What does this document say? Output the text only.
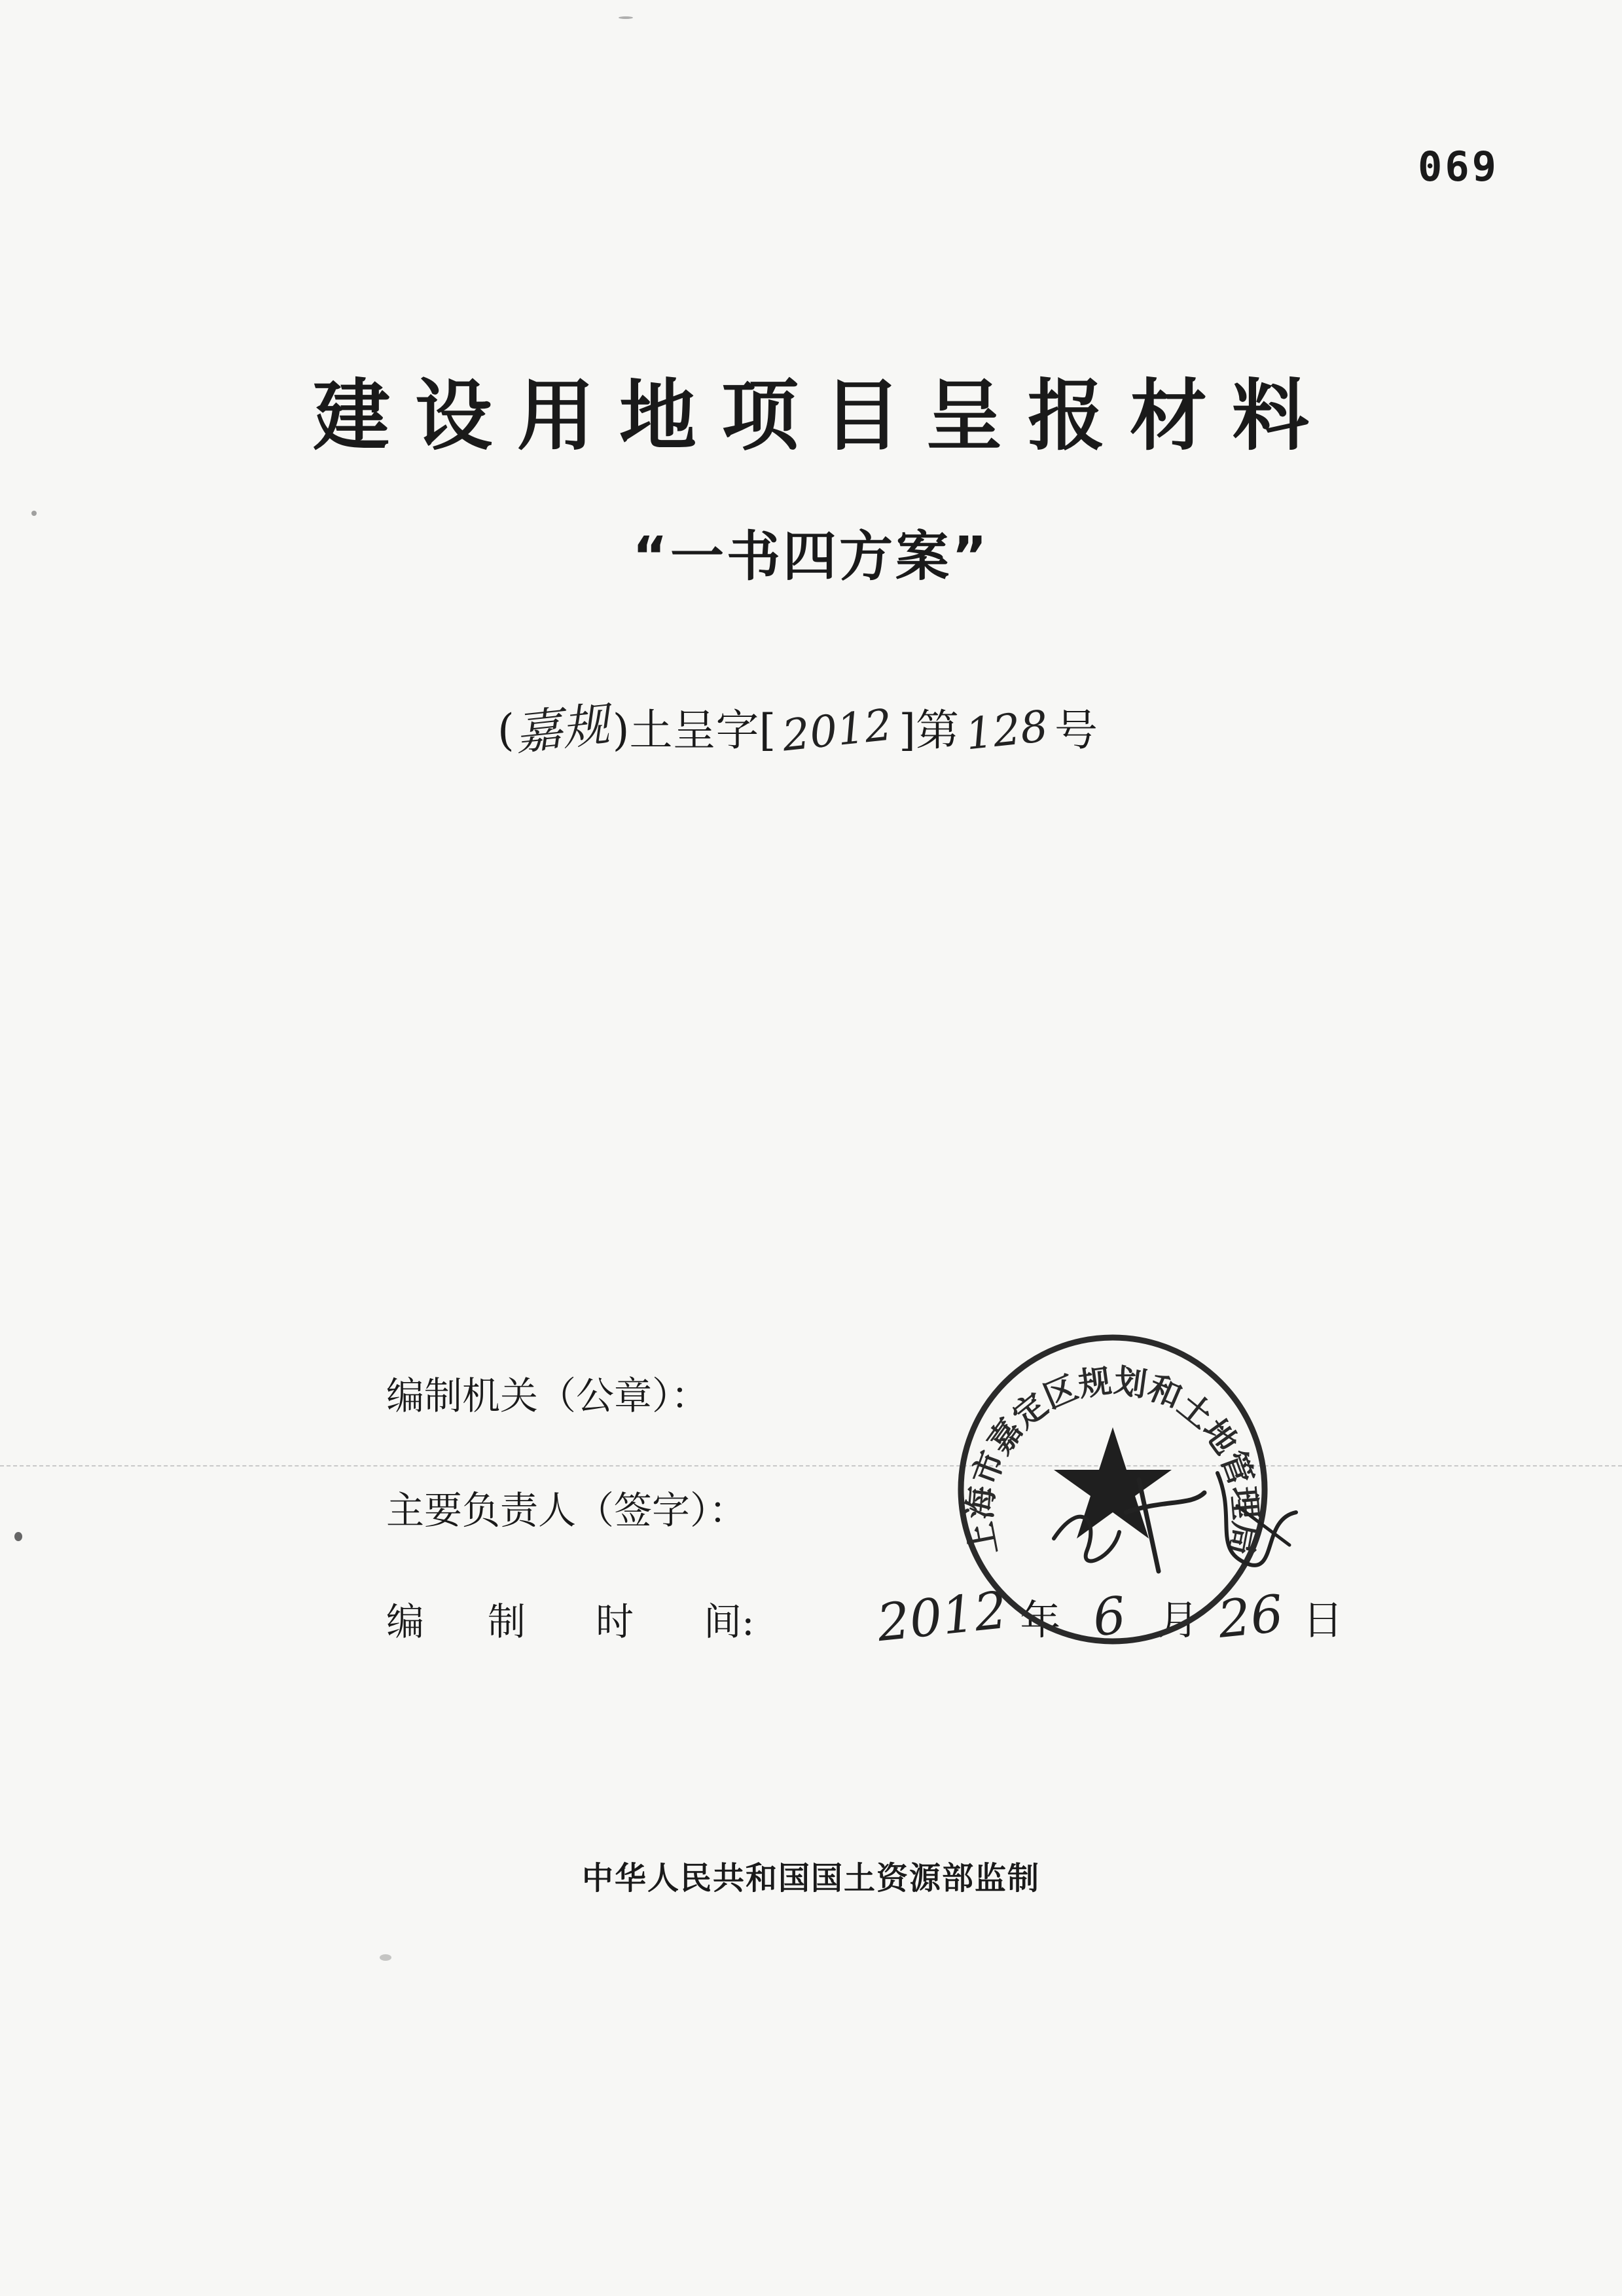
069
建设用地项目呈报材料
“一书四方案”
(
嘉规 ) 土呈字 [ 2012 ] 第 128 号
编制机关（公章）：
主要负责人（签字）：
编 制 时 间:	2012 年 6 月 26 日
上海市嘉定区规划和土地管理局
中华人民共和国国土资源部监制
